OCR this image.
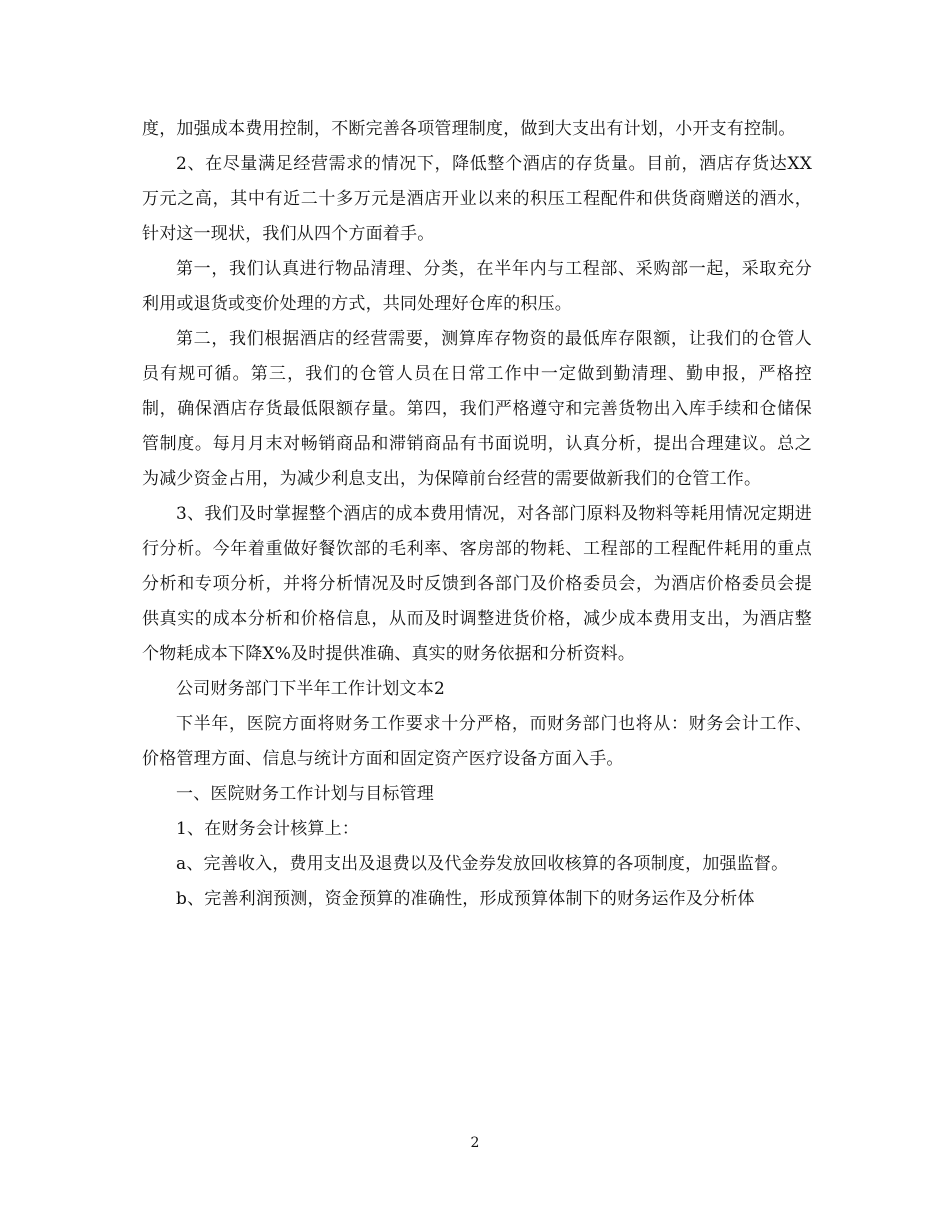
度，加强成本费用控制，不断完善各项管理制度，做到大支出有计划，小开支有控制。

2、在尽量满足经营需求的情况下，降低整个酒店的存货量。目前，酒店存货达XX万元之高，其中有近二十多万元是酒店开业以来的积压工程配件和供货商赠送的酒水，针对这一现状，我们从四个方面着手。

第一，我们认真进行物品清理、分类，在半年内与工程部、采购部一起，采取充分利用或退货或变价处理的方式，共同处理好仓库的积压。

第二，我们根据酒店的经营需要，测算库存物资的最低库存限额，让我们的仓管人员有规可循。第三，我们的仓管人员在日常工作中一定做到勤清理、勤申报，严格控制，确保酒店存货最低限额存量。第四，我们严格遵守和完善货物出入库手续和仓储保管制度。每月月末对畅销商品和滞销商品有书面说明，认真分析，提出合理建议。总之为减少资金占用，为减少利息支出，为保障前台经营的需要做新我们的仓管工作。

3、我们及时掌握整个酒店的成本费用情况，对各部门原料及物料等耗用情况定期进行分析。今年着重做好餐饮部的毛利率、客房部的物耗、工程部的工程配件耗用的重点分析和专项分析，并将分析情况及时反馈到各部门及价格委员会，为酒店价格委员会提供真实的成本分析和价格信息，从而及时调整进货价格，减少成本费用支出，为酒店整个物耗成本下降X%及时提供准确、真实的财务依据和分析资料。

公司财务部门下半年工作计划文本2

下半年，医院方面将财务工作要求十分严格，而财务部门也将从：财务会计工作、价格管理方面、信息与统计方面和固定资产医疗设备方面入手。

一、医院财务工作计划与目标管理

1、在财务会计核算上：

a、完善收入，费用支出及退费以及代金券发放回收核算的各项制度，加强监督。

b、完善利润预测，资金预算的准确性，形成预算体制下的财务运作及分析体

2
